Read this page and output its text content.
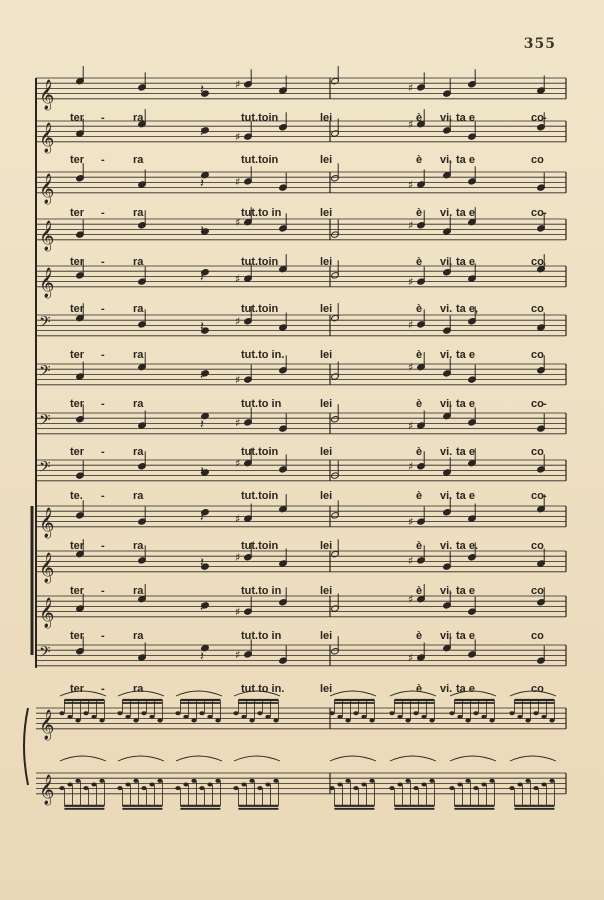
355
𝄞	♯	♯
𝄽
𝄞	♯
♯
𝄽
𝄞	♯	♯
𝄽
𝄞	♯	♯
𝄽
𝄞	♯	♯
𝄽
𝄢	♯	♯
𝄽
𝄢	♯
♯
𝄽
𝄢	♯	♯
𝄽
𝄢	♯	♯
𝄽
𝄞	♯	♯
𝄽
𝄞	♯	♯
𝄽
𝄞	♯
♯
𝄽
𝄢	♯	♯
𝄽
𝄞
𝄞
ter -	ra	tut.toin	lei	è vi. ta e	co -
ter -	ra	tut.toin	lei	è vi. ta e	co
ter -	ra	tut.to in	lei	è vi. ta e	co -
ter -	ra	tut.toin	lei	è vi. ta e	co .
ter -	ra	tut.toin	lei	è vi. ta e,	co
ter -	ra	tut.to in.	lei	è vi. ta e	co
ter -	ra	tut.to in	lei	è vi. ta e	co -
ter -	ra	tut.toin	lei	è vi. ta e	co
te. -	ra	tut.toin	lei	è vi. ta e	co -
ter -	ra	tut.toin	lei	è vi. ta e.	co
ter -	ra	tut.to in	lei	è vi. ta e	co
ter -	ra	tut.to in	lei	è vi. ta e	co
ter -	ra	tut to in.	lei	è vi. ta e	co
